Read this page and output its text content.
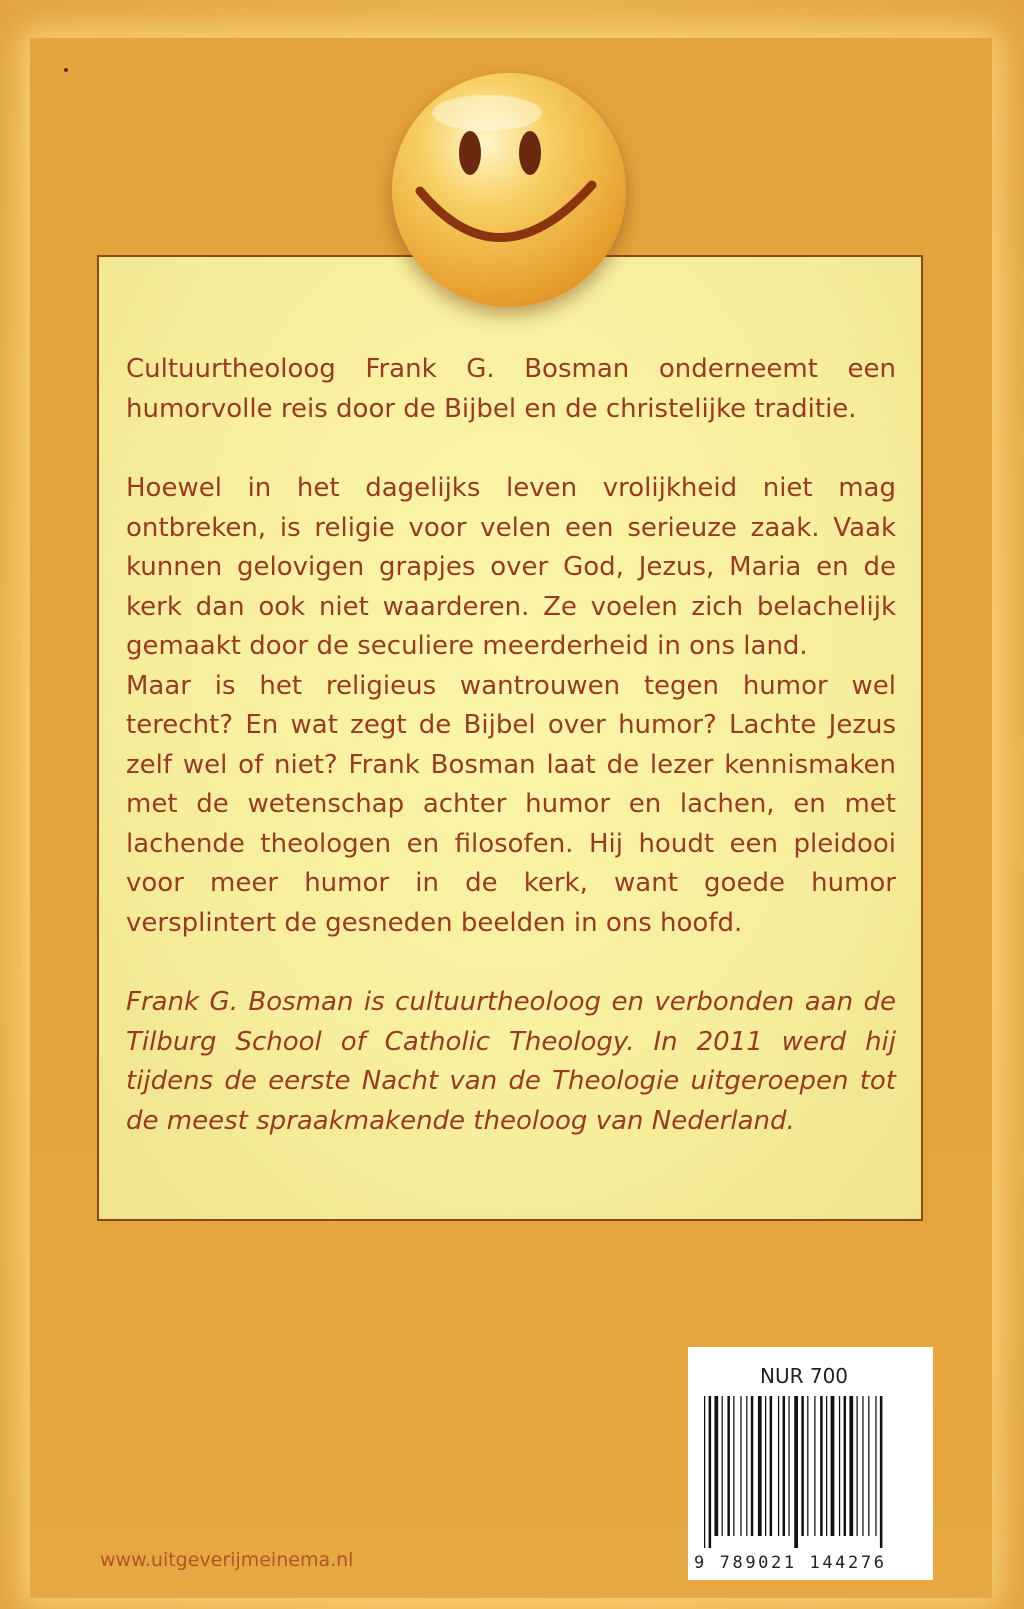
Cultuurtheoloog Frank G. Bosman onderneemt een humorvolle reis door de Bijbel en de christelijke traditie.

Hoewel in het dagelijks leven vrolijkheid niet mag ontbreken, is religie voor velen een serieuze zaak. Vaak kunnen gelovigen grapjes over God, Jezus, Maria en de kerk dan ook niet waarderen. Ze voelen zich belachelijk gemaakt door de seculiere meerderheid in ons land.

Maar is het religieus wantrouwen tegen humor wel terecht? En wat zegt de Bijbel over humor? Lachte Jezus zelf wel of niet? Frank Bosman laat de lezer kennismaken met de wetenschap achter humor en lachen, en met lachende theologen en filosofen. Hij houdt een pleidooi voor meer humor in de kerk, want goede humor versplintert de gesneden beelden in ons hoofd.

Frank G. Bosman is cultuurtheoloog en verbonden aan de Tilburg School of Catholic Theology. In 2011 werd hij tijdens de eerste Nacht van de Theologie uitgeroepen tot de meest spraakmakende theoloog van Nederland.

NUR 700
9 789021 144276
www.uitgeverijmeinema.nl
